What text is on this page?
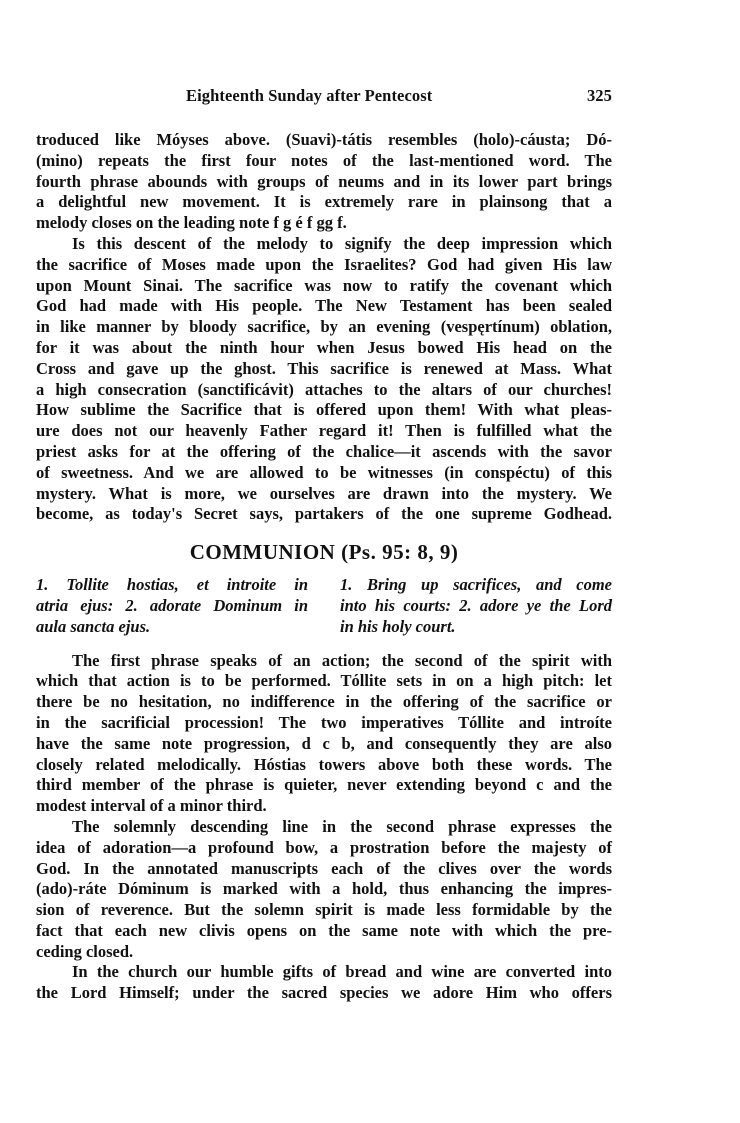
Eighteenth Sunday after Pentecost	325

troduced like Móyses above. (Suavi)-tátis resembles (holo)-cáusta; Dó-
(mino) repeats the first four notes of the last-mentioned word. The
fourth phrase abounds with groups of neums and in its lower part brings
a delightful new movement. It is extremely rare in plainsong that a
melody closes on the leading note f g é f gg f.

Is this descent of the melody to signify the deep impression which
the sacrifice of Moses made upon the Israelites? God had given His law
upon Mount Sinai. The sacrifice was now to ratify the covenant which
God had made with His people. The New Testament has been sealed
in like manner by bloody sacrifice, by an evening (vespęrtínum) oblation,
for it was about the ninth hour when Jesus bowed His head on the
Cross and gave up the ghost. This sacrifice is renewed at Mass. What
a high consecration (sanctificávit) attaches to the altars of our churches!
How sublime the Sacrifice that is offered upon them! With what pleas-
ure does not our heavenly Father regard it! Then is fulfilled what the
priest asks for at the offering of the chalice—it ascends with the savor
of sweetness. And we are allowed to be witnesses (in conspéctu) of this
mystery. What is more, we ourselves are drawn into the mystery. We
become, as today's Secret says, partakers of the one supreme Godhead.

COMMUNION (Ps. 95: 8, 9)
1. Tollite hostias, et introite in
atria ejus: 2. adorate Dominum in
aula sancta ejus.
1. Bring up sacrifices, and come
into his courts: 2. adore ye the Lord
in his holy court.

The first phrase speaks of an action; the second of the spirit with
which that action is to be performed. Tóllite sets in on a high pitch: let
there be no hesitation, no indifference in the offering of the sacrifice or
in the sacrificial procession! The two imperatives Tóllite and introíte
have the same note progression, d c b, and consequently they are also
closely related melodically. Hóstias towers above both these words. The
third member of the phrase is quieter, never extending beyond c and the
modest interval of a minor third.

The solemnly descending line in the second phrase expresses the
idea of adoration—a profound bow, a prostration before the majesty of
God. In the annotated manuscripts each of the clives over the words
(ado)-ráte Dóminum is marked with a hold, thus enhancing the impres-
sion of reverence. But the solemn spirit is made less formidable by the
fact that each new clivis opens on the same note with which the pre-
ceding closed.

In the church our humble gifts of bread and wine are converted into
the Lord Himself; under the sacred species we adore Him who offers
